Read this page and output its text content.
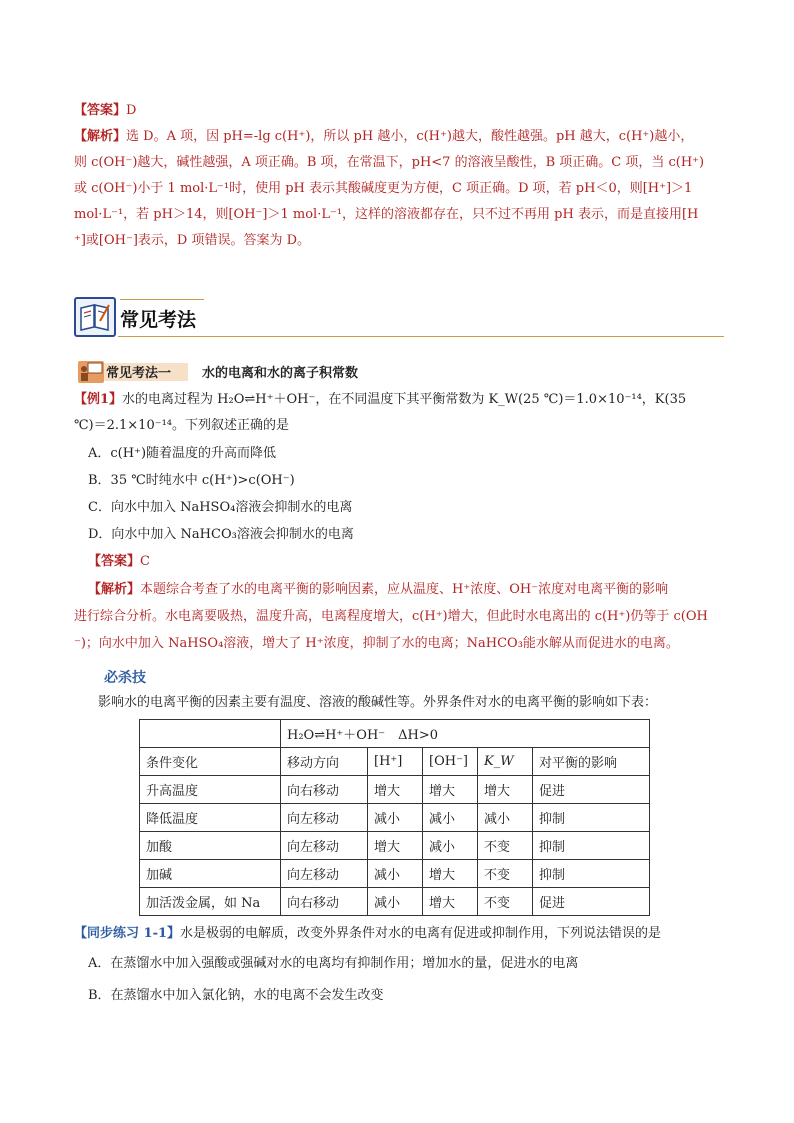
【答案】D
【解析】选 D。A 项，因 pH=-lg c(H⁺)，所以 pH 越小，c(H⁺)越大，酸性越强。pH 越大，c(H⁺)越小，
则 c(OH⁻)越大，碱性越强，A 项正确。B 项，在常温下，pH<7 的溶液呈酸性，B 项正确。C 项，当 c(H⁺)
或 c(OH⁻)小于 1 mol·L⁻¹时，使用 pH 表示其酸碱度更为方便，C 项正确。D 项，若 pH＜0，则[H⁺]＞1
mol·L⁻¹，若 pH＞14，则[OH⁻]＞1 mol·L⁻¹，这样的溶液都存在，只不过不再用 pH 表示，而是直接用[H
⁺]或[OH⁻]表示，D 项错误。答案为 D。
常见考法
常见考法一 水的电离和水的离子积常数
【例1】水的电离过程为 H₂O⇌H⁺＋OH⁻，在不同温度下其平衡常数为 K_W(25 ℃)＝1.0×10⁻¹⁴，K(35
℃)＝2.1×10⁻¹⁴。下列叙述正确的是
A．c(H⁺)随着温度的升高而降低
B．35 ℃时纯水中 c(H⁺)>c(OH⁻)
C．向水中加入 NaHSO₄溶液会抑制水的电离
D．向水中加入 NaHCO₃溶液会抑制水的电离
【答案】C
【解析】本题综合考查了水的电离平衡的影响因素，应从温度、H⁺浓度、OH⁻浓度对电离平衡的影响
进行综合分析。水电离要吸热，温度升高，电离程度增大，c(H⁺)增大，但此时水电离出的 c(H⁺)仍等于 c(OH
⁻)；向水中加入 NaHSO₄溶液，增大了 H⁺浓度，抑制了水的电离；NaHCO₃能水解从而促进水的电离。
必杀技
影响水的电离平衡的因素主要有温度、溶液的酸碱性等。外界条件对水的电离平衡的影响如下表：
	H₂O⇌H⁺＋OH⁻　ΔH>0				
条件变化	移动方向	[H⁺]	[OH⁻]	K_W	对平衡的影响
升高温度	向右移动	增大	增大	增大	促进
降低温度	向左移动	减小	减小	减小	抑制
加酸	向左移动	增大	减小	不变	抑制
加碱	向左移动	减小	增大	不变	抑制
加活泼金属，如 Na	向右移动	减小	增大	不变	促进
【同步练习 1-1】水是极弱的电解质，改变外界条件对水的电离有促进或抑制作用，下列说法错误的是
A．在蒸馏水中加入强酸或强碱对水的电离均有抑制作用；增加水的量，促进水的电离
B．在蒸馏水中加入氯化钠，水的电离不会发生改变
